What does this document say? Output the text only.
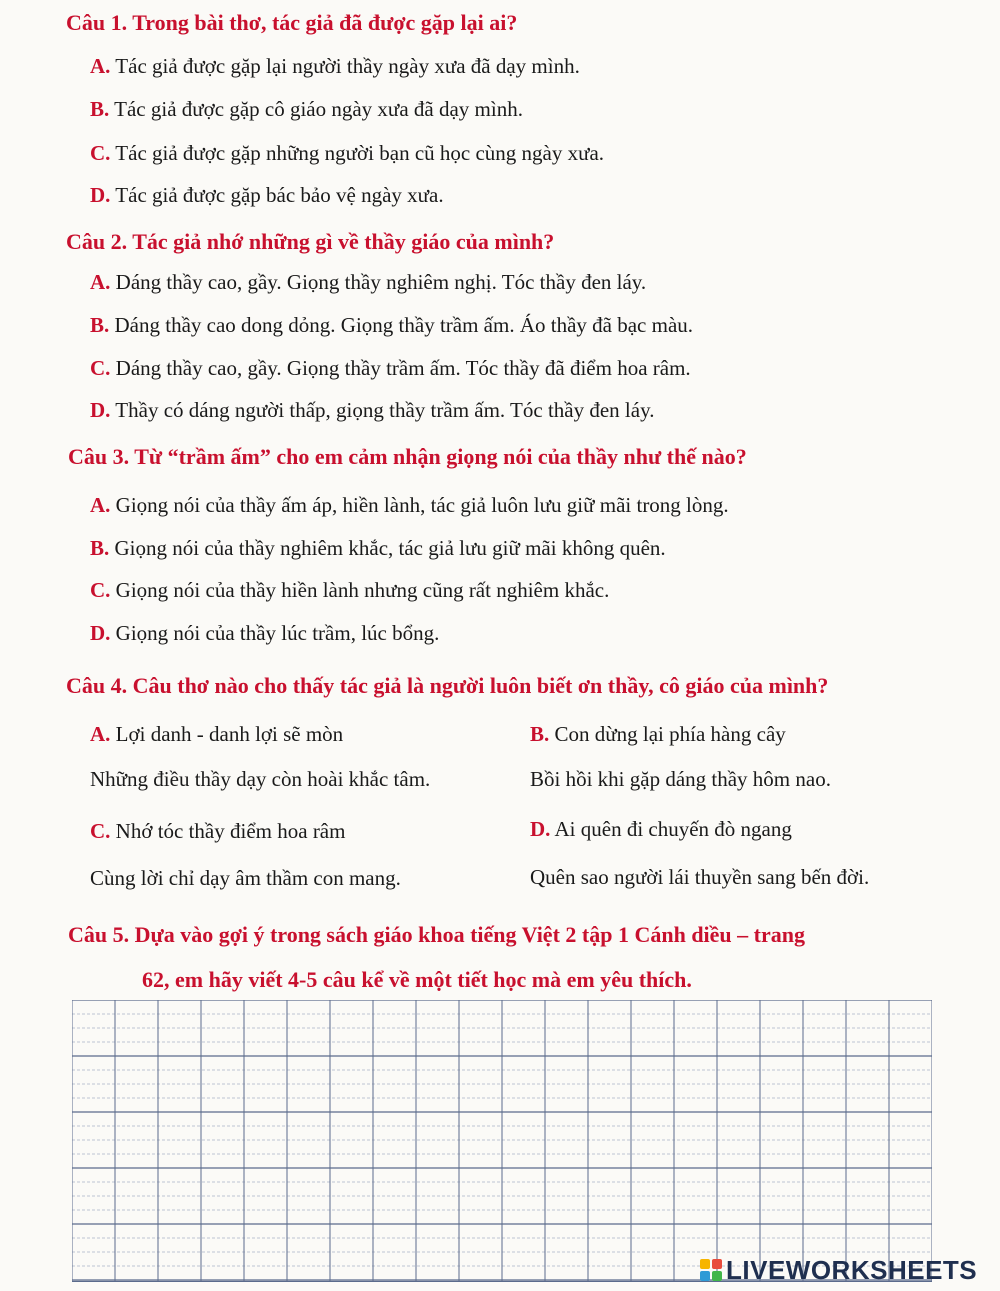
Câu 1. Trong bài thơ, tác giả đã được gặp lại ai?
A. Tác giả được gặp lại người thầy ngày xưa đã dạy mình.
B. Tác giả được gặp cô giáo ngày xưa đã dạy mình.
C. Tác giả được gặp những người bạn cũ học cùng ngày xưa.
D. Tác giả được gặp bác bảo vệ ngày xưa.
Câu 2. Tác giả nhớ những gì về thầy giáo của mình?
A. Dáng thầy cao, gầy. Giọng thầy nghiêm nghị. Tóc thầy đen láy.
B. Dáng thầy cao dong dỏng. Giọng thầy trầm ấm. Áo thầy đã bạc màu.
C. Dáng thầy cao, gầy. Giọng thầy trầm ấm. Tóc thầy đã điểm hoa râm.
D. Thầy có dáng người thấp, giọng thầy trầm ấm. Tóc thầy đen láy.
Câu 3. Từ “trầm ấm” cho em cảm nhận giọng nói của thầy như thế nào?
A. Giọng nói của thầy ấm áp, hiền lành, tác giả luôn lưu giữ mãi trong lòng.
B. Giọng nói của thầy nghiêm khắc, tác giả lưu giữ mãi không quên.
C. Giọng nói của thầy hiền lành nhưng cũng rất nghiêm khắc.
D. Giọng nói của thầy lúc trầm, lúc bổng.
Câu 4. Câu thơ nào cho thấy tác giả là người luôn biết ơn thầy, cô giáo của mình?
A. Lợi danh - danh lợi sẽ mòn
Những điều thầy dạy còn hoài khắc tâm.
B. Con dừng lại phía hàng cây
Bồi hồi khi gặp dáng thầy hôm nao.
C. Nhớ tóc thầy điểm hoa râm
Cùng lời chỉ dạy âm thầm con mang.
D. Ai quên đi chuyến đò ngang
Quên sao người lái thuyền sang bến đời.
Câu 5. Dựa vào gợi ý trong sách giáo khoa tiếng Việt 2 tập 1 Cánh diều – trang
62, em hãy viết 4-5 câu kể về một tiết học mà em yêu thích.
LIVEWORKSHEETS
